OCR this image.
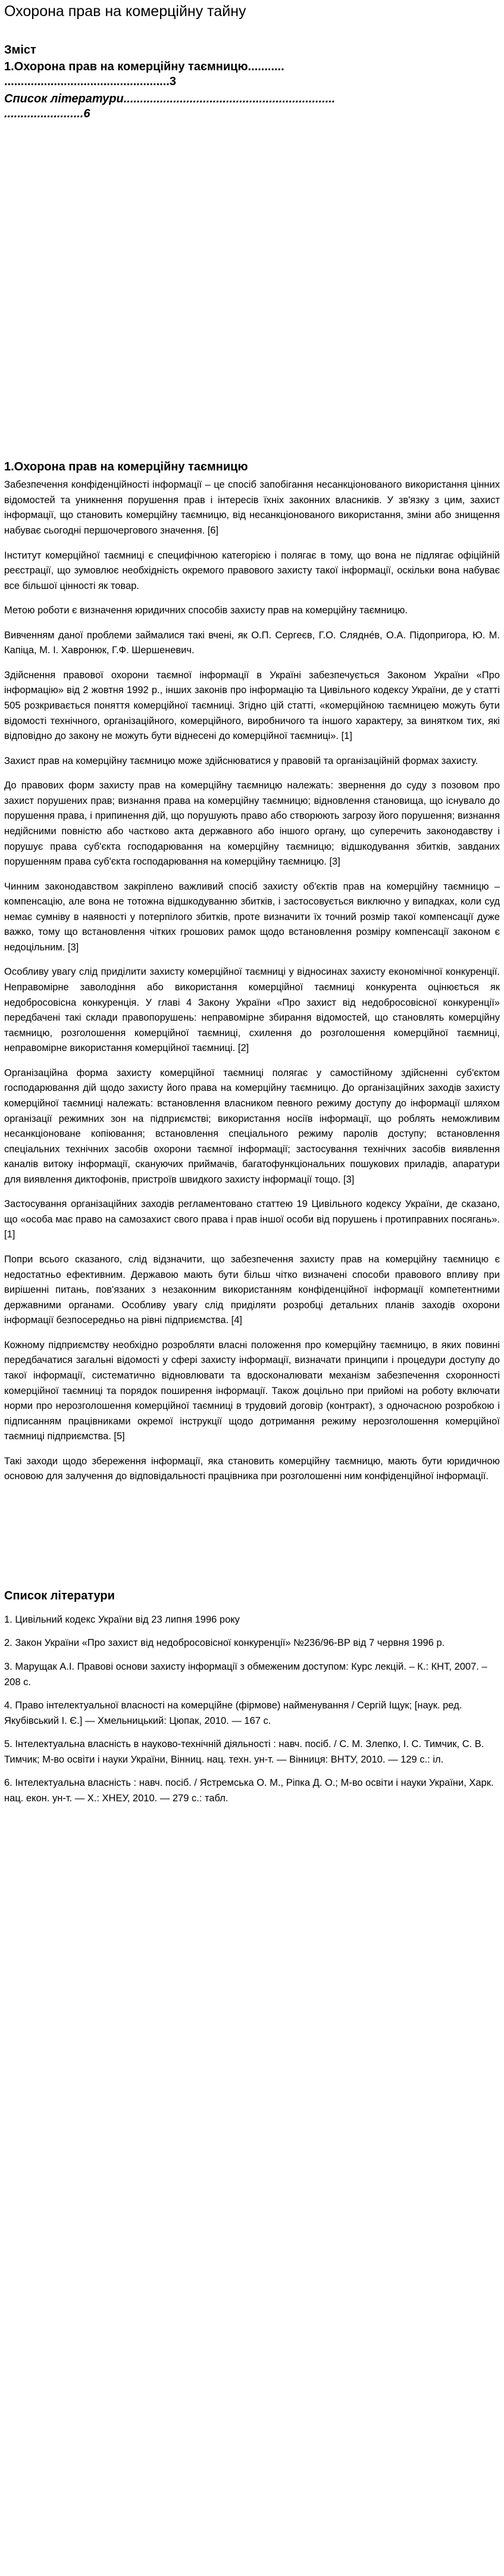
Охорона прав на комерційну тайну
Зміст
1.Охорона прав на комерційну таємницю...........
..................................................3
Список літератури................................................................
........................6
1.Охорона прав на комерційну таємницю

Забезпечення конфіденційності інформації – це спосіб запобігання несанкціонованого використання цінних відомостей та уникнення порушення прав і інтересів їхніх законних власників. У зв'язку з цим, захист інформації, що становить комерційну таємницю, від несанкціонованого використання, зміни або знищення набуває сьогодні першочергового значення. [6]

Інститут комерційної таємниці є специфічною категорією і полягає в тому, що вона не підлягає офіційній реєстрації, що зумовлює необхідність окремого правового захисту такої інформації, оскільки вона набуває все більшої цінності як товар.

Метою роботи є визначення юридичних способів захисту прав на комерційну таємницю.

Вивченням даної проблеми займалися такі вчені, як О.П. Сергеєв, Г.О. Слядне́в, О.А. Підопригора, Ю. М. Капіца, М. І. Хавронюк, Г.Ф. Шершеневич.

Здійснення правової охорони таємної інформації в Україні забезпечується Законом України «Про інформацію» від 2 жовтня 1992 р., інших законів про інформацію та Цивільного кодексу України, де у статті 505 розкривається поняття комерційної таємниці. Згідно цій статті, «комерційною таємницею можуть бути відомості технічного, організаційного, комерційного, виробничого та іншого характеру, за винятком тих, які відповідно до закону не можуть бути віднесені до комерційної таємниці». [1]

Захист прав на комерційну таємницю може здійснюватися у правовій та організаційній формах захисту.

До правових форм захисту прав на комерційну таємницю належать: звернення до суду з позовом про захист порушених прав; визнання права на комерційну таємницю; відновлення становища, що існувало до порушення права, і припинення дій, що порушують право або створюють загрозу його порушення; визнання недійсними повністю або частково акта державного або іншого органу, що суперечить законодавству і порушує права суб'єкта господарювання на комерційну таємницю; відшкодування збитків, завданих порушенням права суб'єкта господарювання на комерційну таємницю. [3]

Чинним законодавством закріплено важливий спосіб захисту об'єктів прав на комерційну таємницю – компенсацію, але вона не тотожна відшкодуванню збитків, і застосовується виключно у випадках, коли суд немає сумніву в наявності у потерпілого збитків, проте визначити їх точний розмір такої компенсації дуже важко, тому що встановлення чітких грошових рамок щодо встановлення розміру компенсації законом є недоцільним. [3]

Особливу увагу слід приділити захисту комерційної таємниці у відносинах захисту економічної конкуренції. Неправомірне заволодіння або використання комерційної таємниці конкурента оцінюється як недобросовісна конкуренція. У главі 4 Закону України «Про захист від недобросовісної конкуренції» передбачені такі склади правопорушень: неправомірне збирання відомостей, що становлять комерційну таємницю, розголошення комерційної таємниці, схилення до розголошення комерційної таємниці, неправомірне використання комерційної таємниці. [2]

Організаційна форма захисту комерційної таємниці полягає у самостійному здійсненні суб'єктом господарювання дій щодо захисту його права на комерційну таємницю. До організаційних заходів захисту комерційної таємниці належать: встановлення власником певного режиму доступу до інформації шляхом організації режимних зон на підприємстві; використання носіїв інформації, що роблять неможливим несанкціоноване копіювання; встановлення спеціального режиму паролів доступу; встановлення спеціальних технічних засобів охорони таємної інформації; застосування технічних засобів виявлення каналів витоку інформації, скануючих приймачів, багатофункціональних пошукових приладів, апаратури для виявлення диктофонів, пристроїв швидкого захисту інформації тощо. [3]

Застосування організаційних заходів регламентовано статтею 19 Цивільного кодексу України, де сказано, що «особа має право на самозахист свого права і прав іншої особи від порушень і протиправних посягань». [1]

Попри всього сказаного, слід відзначити, що забезпечення захисту прав на комерційну таємницю є недостатньо ефективним. Державою мають бути більш чітко визначені способи правового впливу при вирішенні питань, пов'язаних з незаконним використанням конфіденційної інформації компетентними державними органами. Особливу увагу слід приділяти розробці детальних планів заходів охорони інформації безпосередньо на рівні підприємства. [4]

Кожному підприємству необхідно розробляти власні положення про комерційну таємницю, в яких повинні передбачатися загальні відомості у сфері захисту інформації, визначати принципи і процедури доступу до такої інформації, систематично відновлювати та вдосконалювати механізм забезпечення схоронності комерційної таємниці та порядок поширення інформації. Також доцільно при прийомі на роботу включати норми про нерозголошення комерційної таємниці в трудовий договір (контракт), з одночасною розробкою і підписанням працівниками окремої інструкції щодо дотримання режиму нерозголошення комерційної таємниці підприємства. [5]

Такі заходи щодо збереження інформації, яка становить комерційну таємницю, мають бути юридичною основою для залучення до відповідальності працівника при розголошенні ним конфіденційної інформації.

Список літератури

1. Цивільний кодекс України від 23 липня 1996 року

2. Закон України «Про захист від недобросовісної конкуренції» №236/96-ВР від 7 червня 1996 р.

3. Марущак А.І. Правові основи захисту інформації з обмеженим доступом: Курс лекцій. – К.: КНТ, 2007. – 208 с.

4. Право інтелектуальної власності на комерційне (фірмове) найменування / Сергій Іщук; [наук. ред. Якубівський І. Є.] — Хмельницький: Цюпак, 2010. — 167 с.

5. Інтелектуальна власність в науково-технічній діяльності : навч. посіб. / С. М. Злепко, І. С. Тимчик, С. В. Тимчик; М-во освіти і науки України, Вінниц. нац. техн. ун-т. — Вінниця: ВНТУ, 2010. — 129 с.: іл.

6. Інтелектуальна власність : навч. посіб. / Ястремська О. М., Ріпка Д. О.; М-во освіти і науки України, Харк. нац. екон. ун-т. — Х.: ХНЕУ, 2010. — 279 с.: табл.
